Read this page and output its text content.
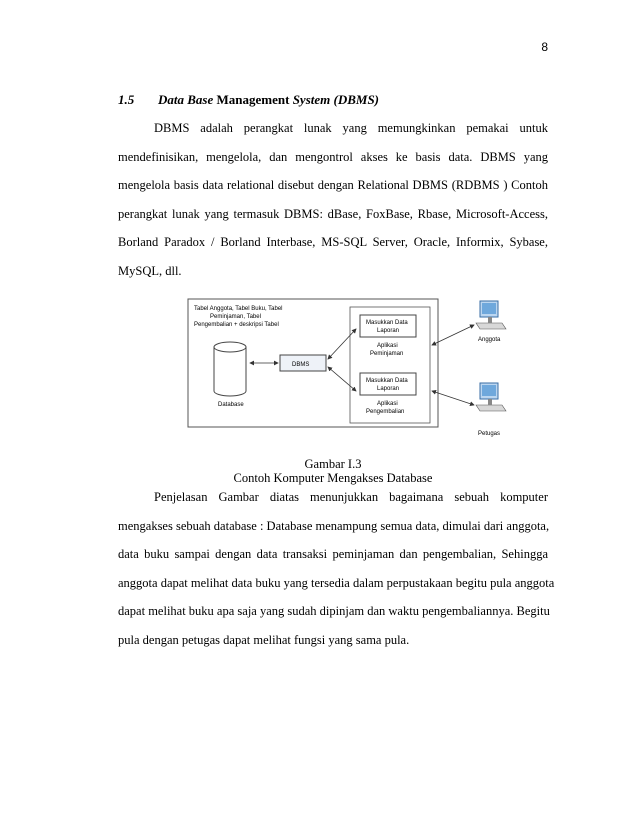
8
1.5 Data Base Management System (DBMS)
DBMS adalah perangkat lunak yang memungkinkan pemakai untuk
mendefinisikan, mengelola, dan mengontrol akses ke basis data. DBMS yang
mengelola basis data relational disebut dengan Relational DBMS (RDBMS ) Contoh
perangkat lunak yang termasuk DBMS: dBase, FoxBase, Rbase, Microsoft-Access,
Borland Paradox / Borland Interbase, MS-SQL Server, Oracle, Informix, Sybase,
MySQL, dll.
Tabel Anggota, Tabel Buku, Tabel
Peminjaman, Tabel
Pengembalian + deskripsi Tabel
Database
DBMS
Masukkan Data
Laporan
Aplikasi
Peminjaman
Masukkan Data
Laporan
Aplikasi
Pengembalian
Anggota
Petugas
Gambar I.3
Contoh Komputer Mengakses Database
Penjelasan Gambar diatas menunjukkan bagaimana sebuah komputer
mengakses sebuah database : Database menampung semua data, dimulai dari anggota,
data buku sampai dengan data transaksi peminjaman dan pengembalian, Sehingga
anggota dapat melihat data buku yang tersedia dalam perpustakaan begitu pula anggota
dapat melihat buku apa saja yang sudah dipinjam dan waktu pengembaliannya. Begitu
pula dengan petugas dapat melihat fungsi yang sama pula.
